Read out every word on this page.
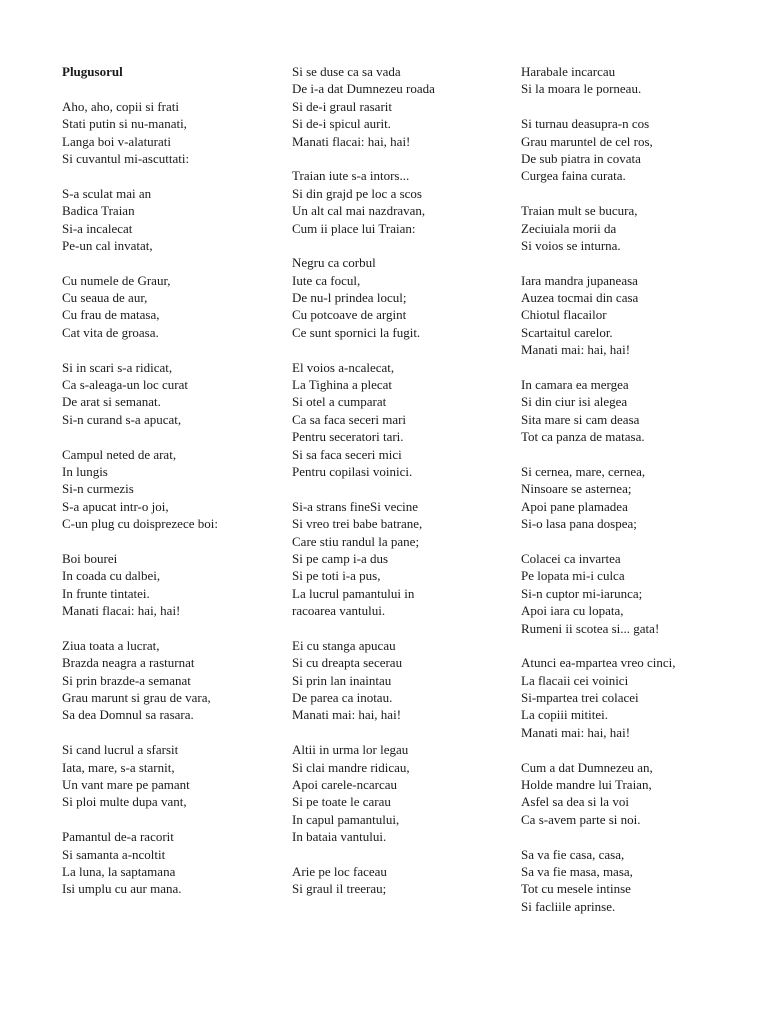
Plugusorul
Aho, aho, copii si frati
Stati putin si nu-manati,
Langa boi v-alaturati
Si cuvantul mi-ascuttati:
S-a sculat mai an
Badica Traian
Si-a incalecat
Pe-un cal invatat,
Cu numele de Graur,
Cu seaua de aur,
Cu frau de matasa,
Cat vita de groasa.
Si in scari s-a ridicat,
Ca s-aleaga-un loc curat
De arat si semanat.
Si-n curand s-a apucat,
Campul neted de arat,
In lungis
Si-n curmezis
S-a apucat intr-o joi,
C-un plug cu doisprezece boi:
Boi bourei
In coada cu dalbei,
In frunte tintatei.
Manati flacai: hai, hai!
Ziua toata a lucrat,
Brazda neagra a rasturnat
Si prin brazde-a semanat
Grau marunt si grau de vara,
Sa dea Domnul sa rasara.
Si cand lucrul a sfarsit
Iata, mare, s-a starnit,
Un vant mare pe pamant
Si ploi multe dupa vant,
Pamantul de-a racorit
Si samanta a-ncoltit
La luna, la saptamana
Isi umplu cu aur mana.
Si se duse ca sa vada
De i-a dat Dumnezeu roada
Si de-i graul rasarit
Si de-i spicul aurit.
Manati flacai: hai, hai!
Traian iute s-a intors...
Si din grajd pe loc a scos
Un alt cal mai nazdravan,
Cum ii place lui Traian:
Negru ca corbul
Iute ca focul,
De nu-l prindea locul;
Cu potcoave de argint
Ce sunt spornici la fugit.
El voios a-ncalecat,
La Tighina a plecat
Si otel a cumparat
Ca sa faca seceri mari
Pentru seceratori tari.
Si sa faca seceri mici
Pentru copilasi voinici.
Si-a strans fineSi vecine
Si vreo trei babe batrane,
Care stiu randul la pane;
Si pe camp i-a dus
Si pe toti i-a pus,
La lucrul pamantului in
racoarea vantului.
Ei cu stanga apucau
Si cu dreapta secerau
Si prin lan inaintau
De parea ca inotau.
Manati mai: hai, hai!
Altii in urma lor legau
Si clai mandre ridicau,
Apoi carele-ncarcau
Si pe toate le carau
In capul pamantului,
In bataia vantului.
Arie pe loc faceau
Si graul il treerau;
Harabale incarcau
Si la moara le porneau.
Si turnau deasupra-n cos
Grau maruntel de cel ros,
De sub piatra in covata
Curgea faina curata.
Traian mult se bucura,
Zeciuiala morii da
Si voios se inturna.
Iara mandra jupaneasa
Auzea tocmai din casa
Chiotul flacailor
Scartaitul carelor.
Manati mai: hai, hai!
In camara ea mergea
Si din ciur isi alegea
Sita mare si cam deasa
Tot ca panza de matasa.
Si cernea, mare, cernea,
Ninsoare se asternea;
Apoi pane plamadea
Si-o lasa pana dospea;
Colacei ca invartea
Pe lopata mi-i culca
Si-n cuptor mi-iarunca;
Apoi iara cu lopata,
Rumeni ii scotea si... gata!
Atunci ea-mpartea vreo cinci,
La flacaii cei voinici
Si-mpartea trei colacei
La copiii mititei.
Manati mai: hai, hai!
Cum a dat Dumnezeu an,
Holde mandre lui Traian,
Asfel sa dea si la voi
Ca s-avem parte si noi.
Sa va fie casa, casa,
Sa va fie masa, masa,
Tot cu mesele intinse
Si facliile aprinse.
